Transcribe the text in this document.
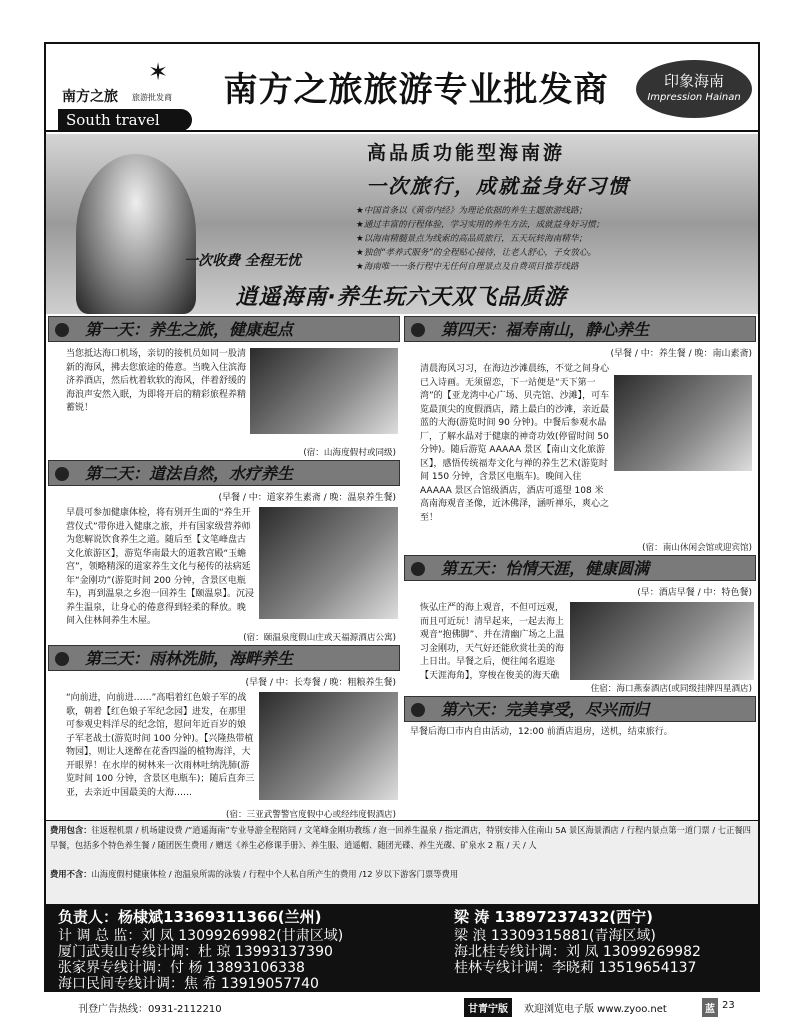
✶
南方之旅 旅游批发商
South travel
南方之旅旅游专业批发商	印象海南
Impression Hainan
高品质功能型海南游
一次旅行，成就益身好习惯
★中国首条以《黄帝内经》为理论依据的养生主题旅游线路；
★通过丰富的行程体验，学习实用的养生方法，成就益身好习惯；
★以海南精髓景点为线索的高品质旅行，五天玩转海南精华；
★独创“孝养式服务”的全程贴心接待，让老人舒心，子女放心。
★海南唯一一条行程中无任何自理景点及自费项目推荐线路
一次收费 全程无忧
逍遥海南·养生玩六天双飞品质游
第一天：养生之旅，健康起点
当您抵达海口机场，亲切的接机员如同一股清新的海风，拂去您旅途的倦意。当晚入住滨海济养酒店，然后枕着软软的海风，伴着舒缓的海浪声安然入眠，为即将开启的精彩旅程养精蓄锐！
(宿：山海度假村或同级)
第二天：道法自然，水疗养生
(早餐 / 中：道家养生素斋 / 晚：温泉养生餐)
早晨可参加健康体检，将有别开生面的“养生开营仪式”带你进入健康之旅，并有国家级营养师为您解说饮食养生之道。随后至【文笔峰盘古文化旅游区】，游览华南最大的道教宫殿“玉蟾宫”，领略精深的道家养生文化与秘传的祛病延年“金刚功”(游览时间 200 分钟，含景区电瓶车)，再到温泉之乡泡一回养生【颐温泉】。沉浸养生温泉，让身心的倦意得到轻柔的释放。晚间入住林间养生木屋。
(宿：颐温泉度假山庄或天福源酒店公寓)
第三天：雨林洗肺，海畔养生
(早餐 / 中：长寿餐 / 晚：粗粮养生餐)
“向前进，向前进……”高唱着红色娘子军的战歌，朝着【红色娘子军纪念园】进发，在那里可参观史料洋尽的纪念馆，慰问年近百岁的娘子军老战士(游览时间 100 分钟)。【兴隆热带植物园】，则让人迷醉在花香四溢的植物海洋，大开眼界！在水岸的树林来一次雨林吐纳洗肺(游览时间 100 分钟，含景区电瓶车)；随后直奔三亚，去亲近中国最美的大海……
(宿：三亚武警警官度假中心或经纬度假酒店)
第四天：福寿南山，静心养生
(早餐 / 中：养生餐 / 晚：南山素斋)
清晨海风习习，在海边沙滩晨练，不觉之间身心已入诗画。无须留恋，下一站便是“天下第一湾”的【亚龙湾中心广场、贝壳馆、沙滩】，可车览最顶尖的度假酒店，踏上最白的沙滩，亲近最蓝的大海(游览时间 90 分钟)。中餐后参观水晶厂，了解水晶对于健康的神奇功效(停留时间 50 分钟)。随后游览 AAAAA 景区【南山文化旅游区】，感悟传统福寿文化与禅的养生艺术(游览时间 150 分钟，含景区电瓶车)。晚间入住 AAAAA 景区合馆级酒店，酒店可遥望 108 米高南海观音圣像，近沐佛泽，涵听禅乐，爽心之至！
(宿：南山休闲会馆或迎宾馆)
第五天：怡情天涯，健康圆满
(早：酒店早餐 / 中：特色餐)
恢弘庄严的海上观音，不但可远观，而且可近玩！清早起来，一起去海上观音“抱佛脚”、并在清幽广场之上温习金刚功，天气好还能欣赏壮美的海上日出。早餐之后，便往闻名遐迩【天涯海角】，穿梭在俊美的海天礁
住宿：海口燕泰酒店(或同级挂牌四星酒店)
第六天：完美享受，尽兴而归
早餐后海口市内自由活动，12:00 前酒店退房，送机，结束旅行。
费用包含：往返程机票 / 机场建设费 /“逍遥海南”专业导游全程陪同 / 文笔峰金刚功教练 / 泡一回养生温泉 / 指定酒店，特别安排入住南山 5A 景区海景酒店 / 行程内景点第一道门票 / 七正餐四早餐，包括多个特色养生餐 / 随团医生费用 / 赠送《养生必修课手册》、养生服、逍遥帽、随团光碟、养生光碟、矿泉水 2 瓶 / 天 / 人
费用不含：山海度假村健康体检 / 泡温泉所需的泳装 / 行程中个人私自所产生的费用 /12 岁以下游客门票等费用
负责人：杨棣斌13369311366(兰州)
计 调 总 监：刘 凤 13099269982(甘肃区域)
厦门武夷山专线计调：杜 琼 13993137390
张家界专线计调：付 杨 13893106338
海口民间专线计调：焦 希 13919057740
梁 涛 13897237432(西宁)
梁 浪 13309315881(青海区域)
海北桂专线计调：刘 凤 13099269982
桂林专线计调：李晓莉 13519654137
刊登广告热线：0931-2112210	甘青宁版	欢迎浏览电子版 www.zyoo.net	蓝 23
